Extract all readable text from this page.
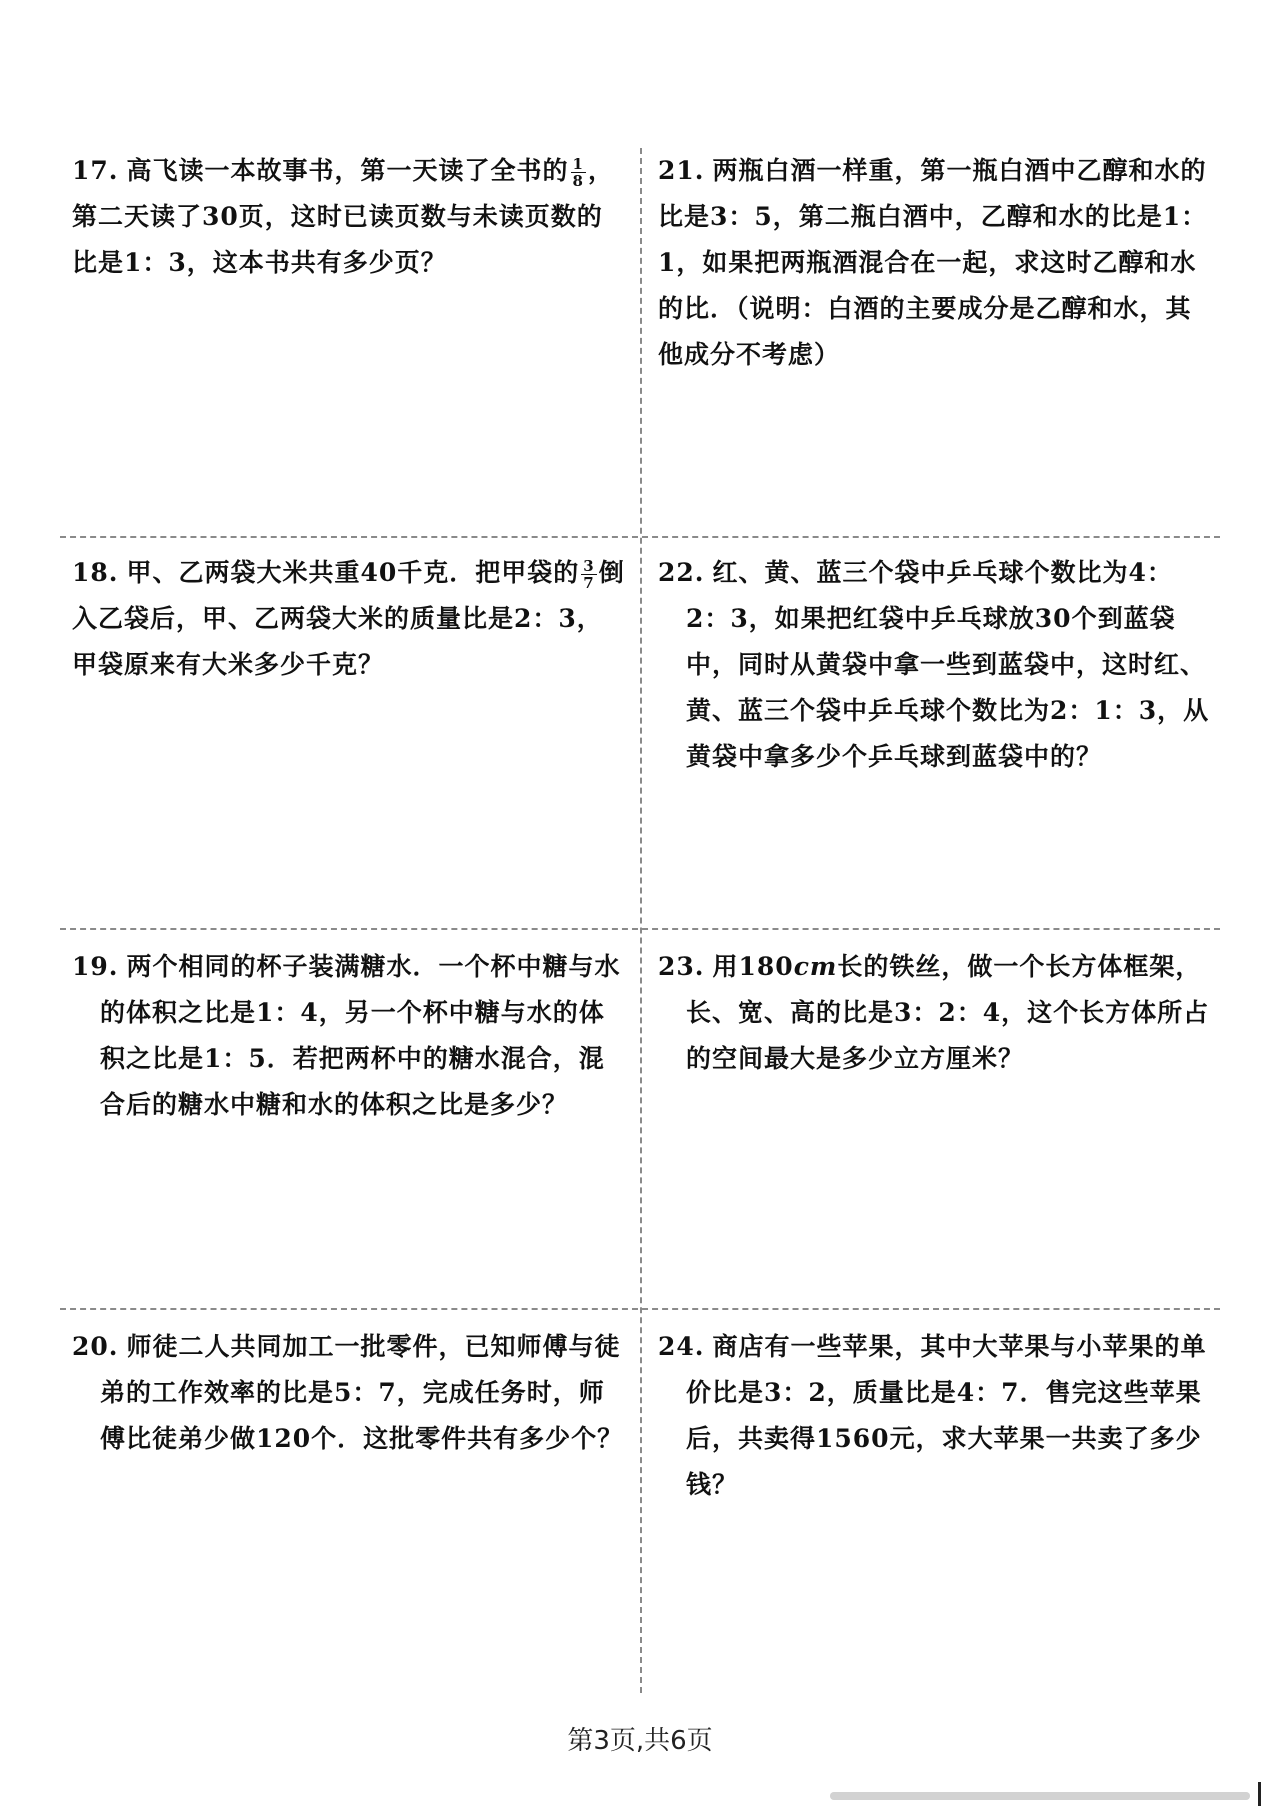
17. 高飞读一本故事书，第一天读了全书的 $\frac{1}{8}$ ，第二天读了30页，这时已读页数与未读页数的比是1：3，这本书共有多少页？
21. 两瓶白酒一样重，第一瓶白酒中乙醇和水的比是3：5，第二瓶白酒中，乙醇和水的比是1：1，如果把两瓶酒混合在一起，求这时乙醇和水的比．（说明：白酒的主要成分是乙醇和水，其他成分不考虑）
18. 甲、乙两袋大米共重40千克．把甲袋的 $\frac{3}{7}$ 倒入乙袋后，甲、乙两袋大米的质量比是2：3，甲袋原来有大米多少千克？
22. 红、黄、蓝三个袋中乒乓球个数比为4：2：3，如果把红袋中乒乓球放30个到蓝袋中，同时从黄袋中拿一些到蓝袋中，这时红、黄、蓝三个袋中乒乓球个数比为2：1：3，从黄袋中拿多少个乒乓球到蓝袋中的？
19. 两个相同的杯子装满糖水．一个杯中糖与水的体积之比是1：4，另一个杯中糖与水的体积之比是1：5．若把两杯中的糖水混合，混合后的糖水中糖和水的体积之比是多少？
23. 用180cm长的铁丝，做一个长方体框架，长、宽、高的比是3：2：4，这个长方体所占的空间最大是多少立方厘米？
20. 师徒二人共同加工一批零件，已知师傅与徒弟的工作效率的比是5：7，完成任务时，师傅比徒弟少做120个．这批零件共有多少个？
24. 商店有一些苹果，其中大苹果与小苹果的单价比是3：2，质量比是4：7．售完这些苹果后，共卖得1560元，求大苹果一共卖了多少钱？
第3页,共6页
